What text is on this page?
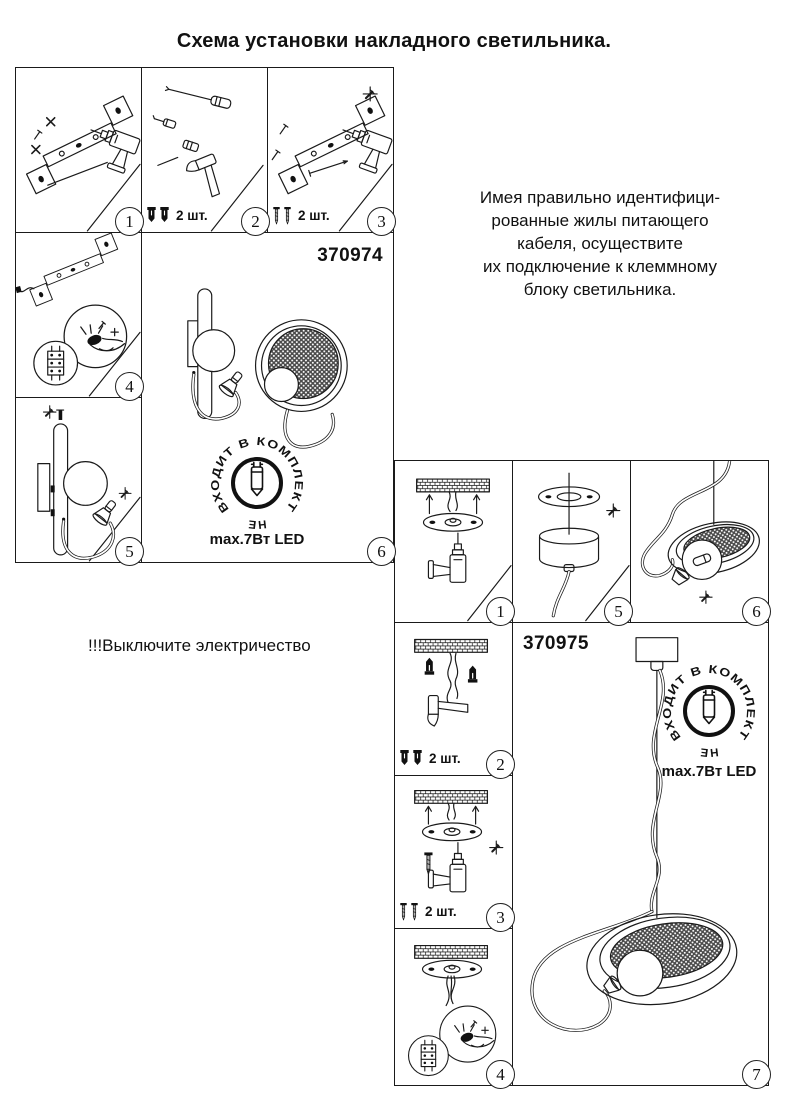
Схема установки накладного светильника.
1	2 шт.	2	2 шт.	3
4
5
370974
ВХОДИТ В КОМПЛЕКТ
НЕ
max.7Вт LED
6
Имея правильно идентифици-
рованные жилы питающего
кабеля, осуществите
их подключение к клеммному
блоку светильника.
!!!Выключите электричество
1	5	6
2 шт.	2
2 шт.	3
4
370975
ВХОДИТ В КОМПЛЕКТ
НЕ
max.7Вт LED
7
